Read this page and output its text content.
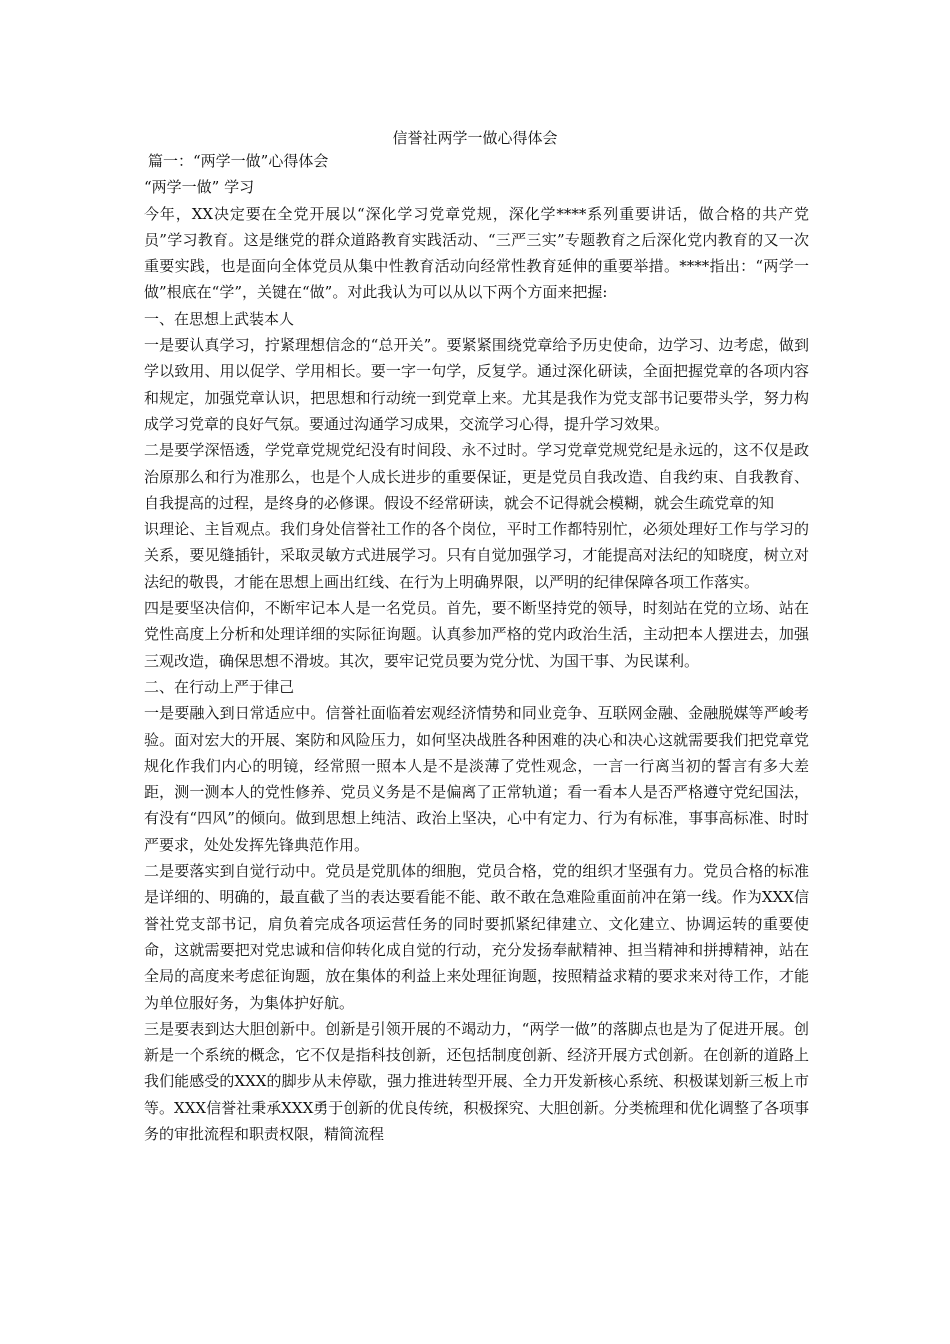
信誉社两学一做心得体会

篇一：“两学一做”心得体会

“两学一做” 学习

今年，XX决定要在全党开展以“深化学习党章党规，深化学****系列重要讲话，做合格的共产党员”学习教育。这是继党的群众道路教育实践活动、“三严三实”专题教育之后深化党内教育的又一次重要实践，也是面向全体党员从集中性教育活动向经常性教育延伸的重要举措。****指出：“两学一做”根底在“学”，关键在“做”。对此我认为可以从以下两个方面来把握:

一、在思想上武装本人

一是要认真学习，拧紧理想信念的“总开关”。要紧紧围绕党章给予历史使命，边学习、边考虑，做到学以致用、用以促学、学用相长。要一字一句学，反复学。通过深化研读，全面把握党章的各项内容和规定，加强党章认识，把思想和行动统一到党章上来。尤其是我作为党支部书记要带头学，努力构成学习党章的良好气氛。要通过沟通学习成果，交流学习心得，提升学习效果。

二是要学深悟透，学党章党规党纪没有时间段、永不过时。学习党章党规党纪是永远的，这不仅是政治原那么和行为准那么，也是个人成长进步的重要保证，更是党员自我改造、自我约束、自我教育、自我提高的过程，是终身的必修课。假设不经常研读，就会不记得就会模糊，就会生疏党章的知

识理论、主旨观点。我们身处信誉社工作的各个岗位，平时工作都特别忙，必须处理好工作与学习的关系，要见缝插针，采取灵敏方式进展学习。只有自觉加强学习，才能提高对法纪的知晓度，树立对法纪的敬畏，才能在思想上画出红线、在行为上明确界限，以严明的纪律保障各项工作落实。

四是要坚决信仰，不断牢记本人是一名党员。首先，要不断坚持党的领导，时刻站在党的立场、站在党性高度上分析和处理详细的实际征询题。认真参加严格的党内政治生活，主动把本人摆进去，加强三观改造，确保思想不滑坡。其次，要牢记党员要为党分忧、为国干事、为民谋利。

二、在行动上严于律己

一是要融入到日常适应中。信誉社面临着宏观经济情势和同业竞争、互联网金融、金融脱媒等严峻考验。面对宏大的开展、案防和风险压力，如何坚决战胜各种困难的决心和决心这就需要我们把党章党规化作我们内心的明镜，经常照一照本人是不是淡薄了党性观念，一言一行离当初的誓言有多大差距，测一测本人的党性修养、党员义务是不是偏离了正常轨道；看一看本人是否严格遵守党纪国法，有没有“四风”的倾向。做到思想上纯洁、政治上坚决，心中有定力、行为有标准，事事高标准、时时严要求，处处发挥先锋典范作用。

二是要落实到自觉行动中。党员是党肌体的细胞，党员合格，党的组织才坚强有力。党员合格的标准是详细的、明确的，最直截了当的表达要看能不能、敢不敢在急难险重面前冲在第一线。作为XXX信誉社党支部书记，肩负着完成各项运营任务的同时要抓紧纪律建立、文化建立、协调运转的重要使命，这就需要把对党忠诚和信仰转化成自觉的行动，充分发扬奉献精神、担当精神和拼搏精神，站在全局的高度来考虑征询题，放在集体的利益上来处理征询题，按照精益求精的要求来对待工作，才能为单位服好务，为集体护好航。

三是要表到达大胆创新中。创新是引领开展的不竭动力，“两学一做”的落脚点也是为了促进开展。创新是一个系统的概念，它不仅是指科技创新，还包括制度创新、经济开展方式创新。在创新的道路上我们能感受的XXX的脚步从未停歇，强力推进转型开展、全力开发新核心系统、积极谋划新三板上市等。XXX信誉社秉承XXX勇于创新的优良传统，积极探究、大胆创新。分类梳理和优化调整了各项事务的审批流程和职责权限，精简流程
